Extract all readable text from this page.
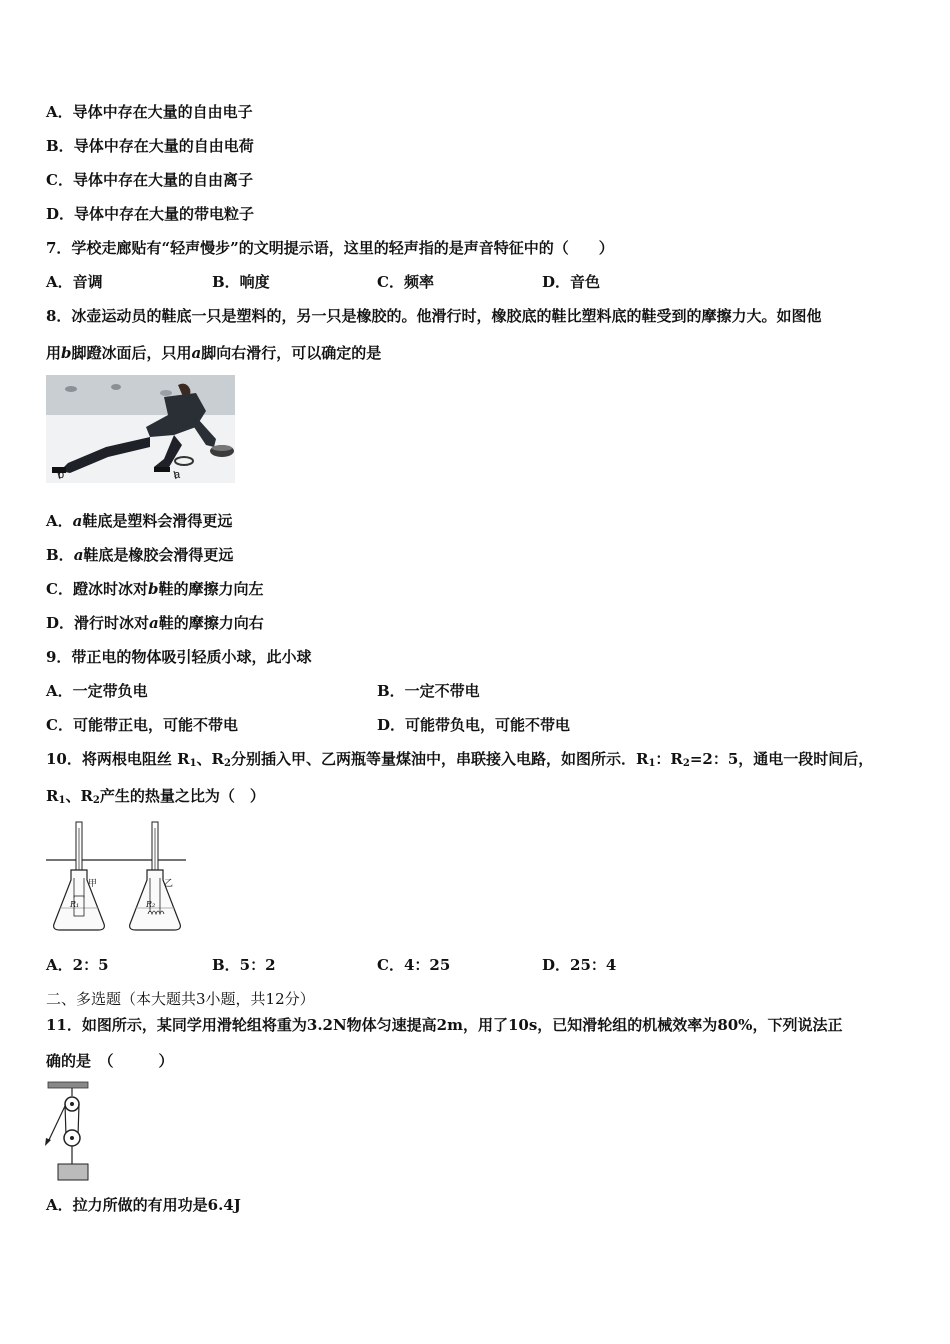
A．导体中存在大量的自由电子
B．导体中存在大量的自由电荷
C．导体中存在大量的自由离子
D．导体中存在大量的带电粒子
7．学校走廊贴有“轻声慢步”的文明提示语，这里的轻声指的是声音特征中的（　　）
A．音调	B．响度	C．频率	D．音色
8．冰壶运动员的鞋底一只是塑料的，另一只是橡胶的。他滑行时，橡胶底的鞋比塑料底的鞋受到的摩擦力大。如图他
用b脚蹬冰面后，只用a脚向右滑行，可以确定的是
b	a
A．a鞋底是塑料会滑得更远
B．a鞋底是橡胶会滑得更远
C．蹬冰时冰对b鞋的摩擦力向左
D．滑行时冰对a鞋的摩擦力向右
9．带正电的物体吸引轻质小球，此小球
A．一定带负电	B．一定不带电
C．可能带正电，可能不带电	D．可能带负电，可能不带电
10．将两根电阻丝 $R_1$、$R_2$分别插入甲、乙两瓶等量煤油中，串联接入电路，如图所示．$R_1$：$R_2=2$：5，通电一段时间后，
$R_1$、$R_2$产生的热量之比为（　）
甲	乙
R₁	R₂
A．2：5	B．5：2	C．4：25	D．25：4
二、多选题（本大题共3小题，共12分）
11．如图所示，某同学用滑轮组将重为3.2N物体匀速提高2m，用了10s，已知滑轮组的机械效率为80%，下列说法正
确的是　（　　　）
A．拉力所做的有用功是6.4J
